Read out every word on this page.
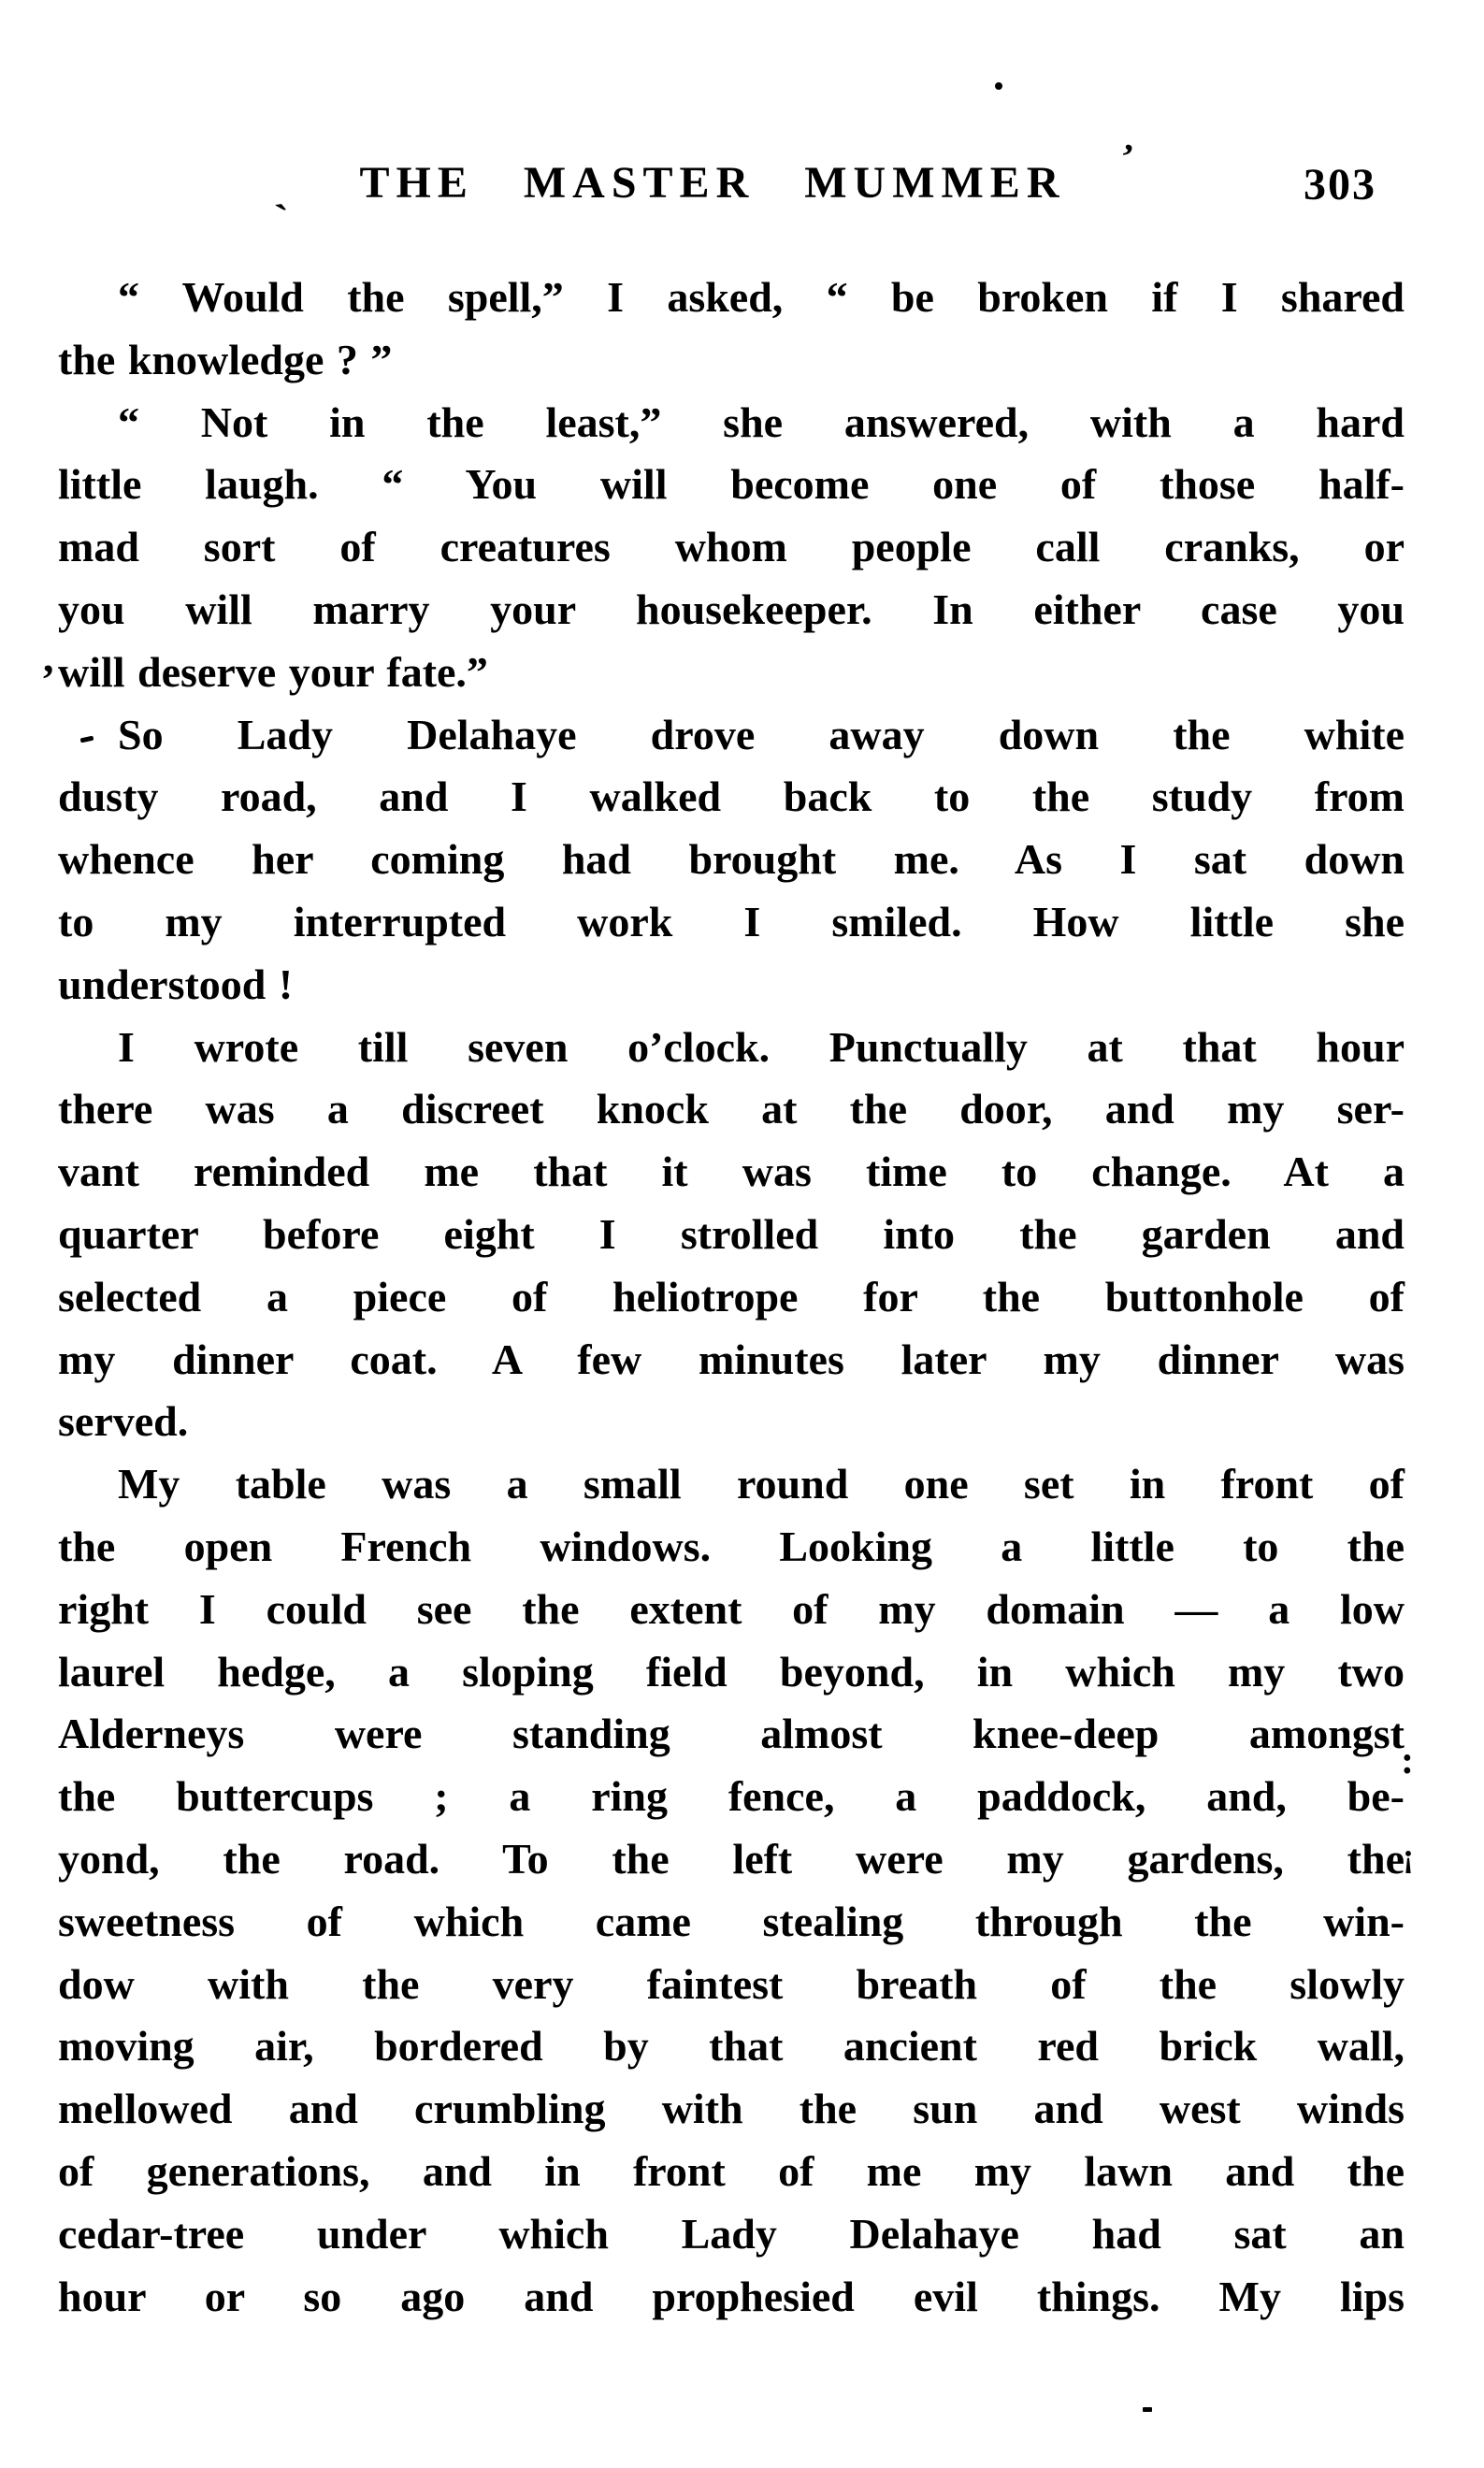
THE MASTER MUMMER	303
“ Would the spell,” I asked, “ be broken if I shared
the knowledge ? ”
“ Not in the least,” she answered, with a hard
little laugh. “ You will become one of those half-
mad sort of creatures whom people call cranks, or
you will marry your housekeeper. In either case you
will deserve your fate.”
So Lady Delahaye drove away down the white
dusty road, and I walked back to the study from
whence her coming had brought me. As I sat down
to my interrupted work I smiled. How little she
understood !
I wrote till seven o’clock. Punctually at that hour
there was a discreet knock at the door, and my ser-
vant reminded me that it was time to change. At a
quarter before eight I strolled into the garden and
selected a piece of heliotrope for the buttonhole of
my dinner coat. A few minutes later my dinner was
served.
My table was a small round one set in front of
the open French windows. Looking a little to the
right I could see the extent of my domain — a low
laurel hedge, a sloping field beyond, in which my two
Alderneys were standing almost knee-deep amongst
the buttercups ; a ring fence, a paddock, and, be-
yond, the road. To the left were my gardens, the
sweetness of which came stealing through the win-
dow with the very faintest breath of the slowly
moving air, bordered by that ancient red brick wall,
mellowed and crumbling with the sun and west winds
of generations, and in front of me my lawn and the
cedar-tree under which Lady Delahaye had sat an
hour or so ago and prophesied evil things. My lips
`
’
,
:
¡
